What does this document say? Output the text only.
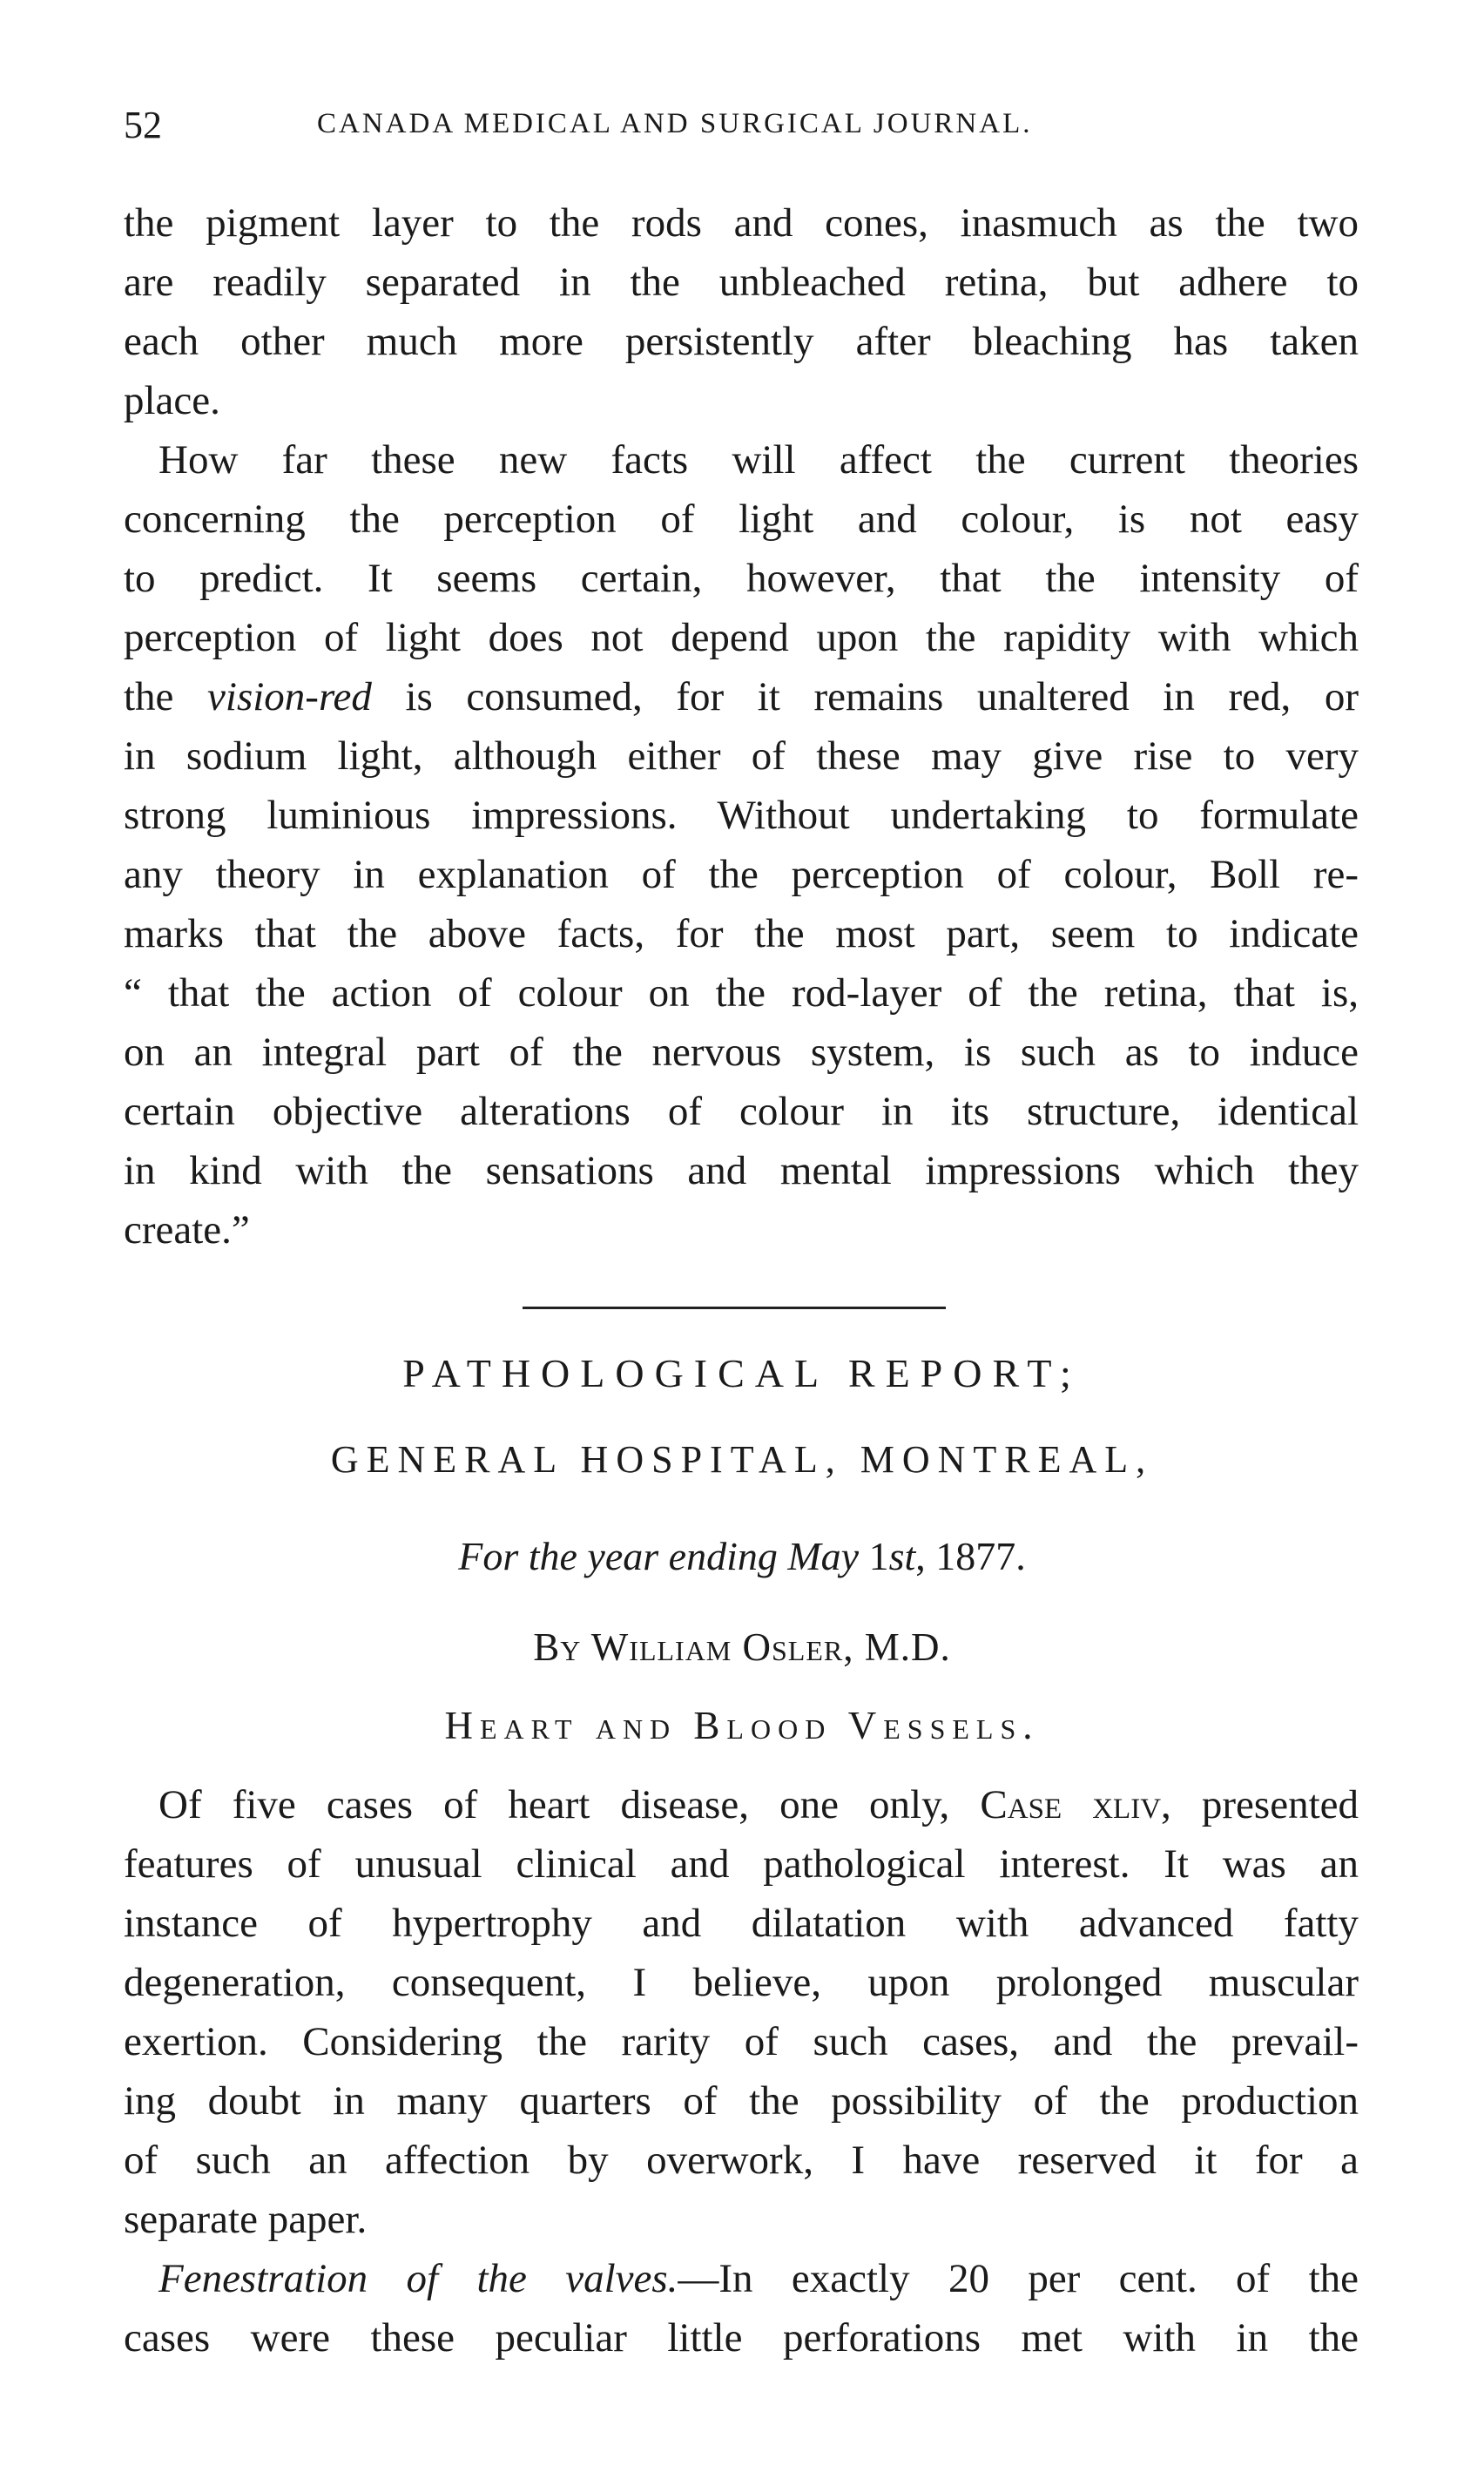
52	CANADA MEDICAL AND SURGICAL JOURNAL.
the pigment layer to the rods and cones, inasmuch as the two
are readily separated in the unbleached retina, but adhere to
each other much more persistently after bleaching has taken
place.
How far these new facts will affect the current theories
concerning the perception of light and colour, is not easy
to predict. It seems certain, however, that the intensity of
perception of light does not depend upon the rapidity with which
the vision-red is consumed, for it remains unaltered in red, or
in sodium light, although either of these may give rise to very
strong luminious impressions. Without undertaking to formulate
any theory in explanation of the perception of colour, Boll re-
marks that the above facts, for the most part, seem to indicate
“ that the action of colour on the rod-layer of the retina, that is,
on an integral part of the nervous system, is such as to induce
certain objective alterations of colour in its structure, identical
in kind with the sensations and mental impressions which they
create.”
PATHOLOGICAL REPORT;
GENERAL HOSPITAL, MONTREAL,
For the year ending May 1st, 1877.
By William Osler, M.D.
Heart and Blood Vessels.
Of five cases of heart disease, one only, Case xliv, presented
features of unusual clinical and pathological interest. It was an
instance of hypertrophy and dilatation with advanced fatty
degeneration, consequent, I believe, upon prolonged muscular
exertion. Considering the rarity of such cases, and the prevail-
ing doubt in many quarters of the possibility of the production
of such an affection by overwork, I have reserved it for a
separate paper.
Fenestration of the valves.—In exactly 20 per cent. of the
cases were these peculiar little perforations met with in the
